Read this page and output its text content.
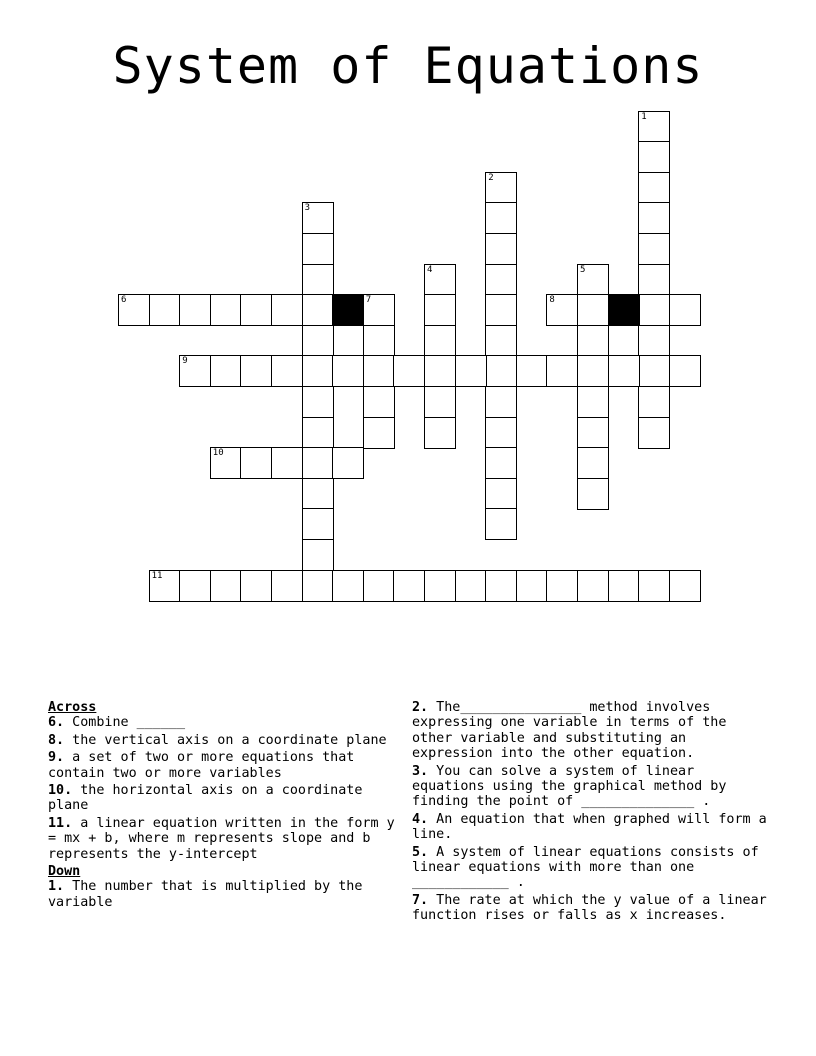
System of Equations
1
2
3
4	5
7
6	8
9
10
11
Across
6. Combine ______
8. the vertical axis on a coordinate plane
9. a set of two or more equations that contain two or more variables
10. the horizontal axis on a coordinate plane
11. a linear equation written in the form y = mx + b, where m represents slope and b represents the y-intercept
Down
1. The number that is multiplied by the variable
2. The_______________ method involves expressing one variable in terms of the other variable and substituting an expression into the other equation.
3. You can solve a system of linear equations using the graphical method by finding the point of ______________ .
4. An equation that when graphed will form a line.
5. A system of linear equations consists of linear equations with more than one ____________ .
7. The rate at which the y value of a linear function rises or falls as x increases.
